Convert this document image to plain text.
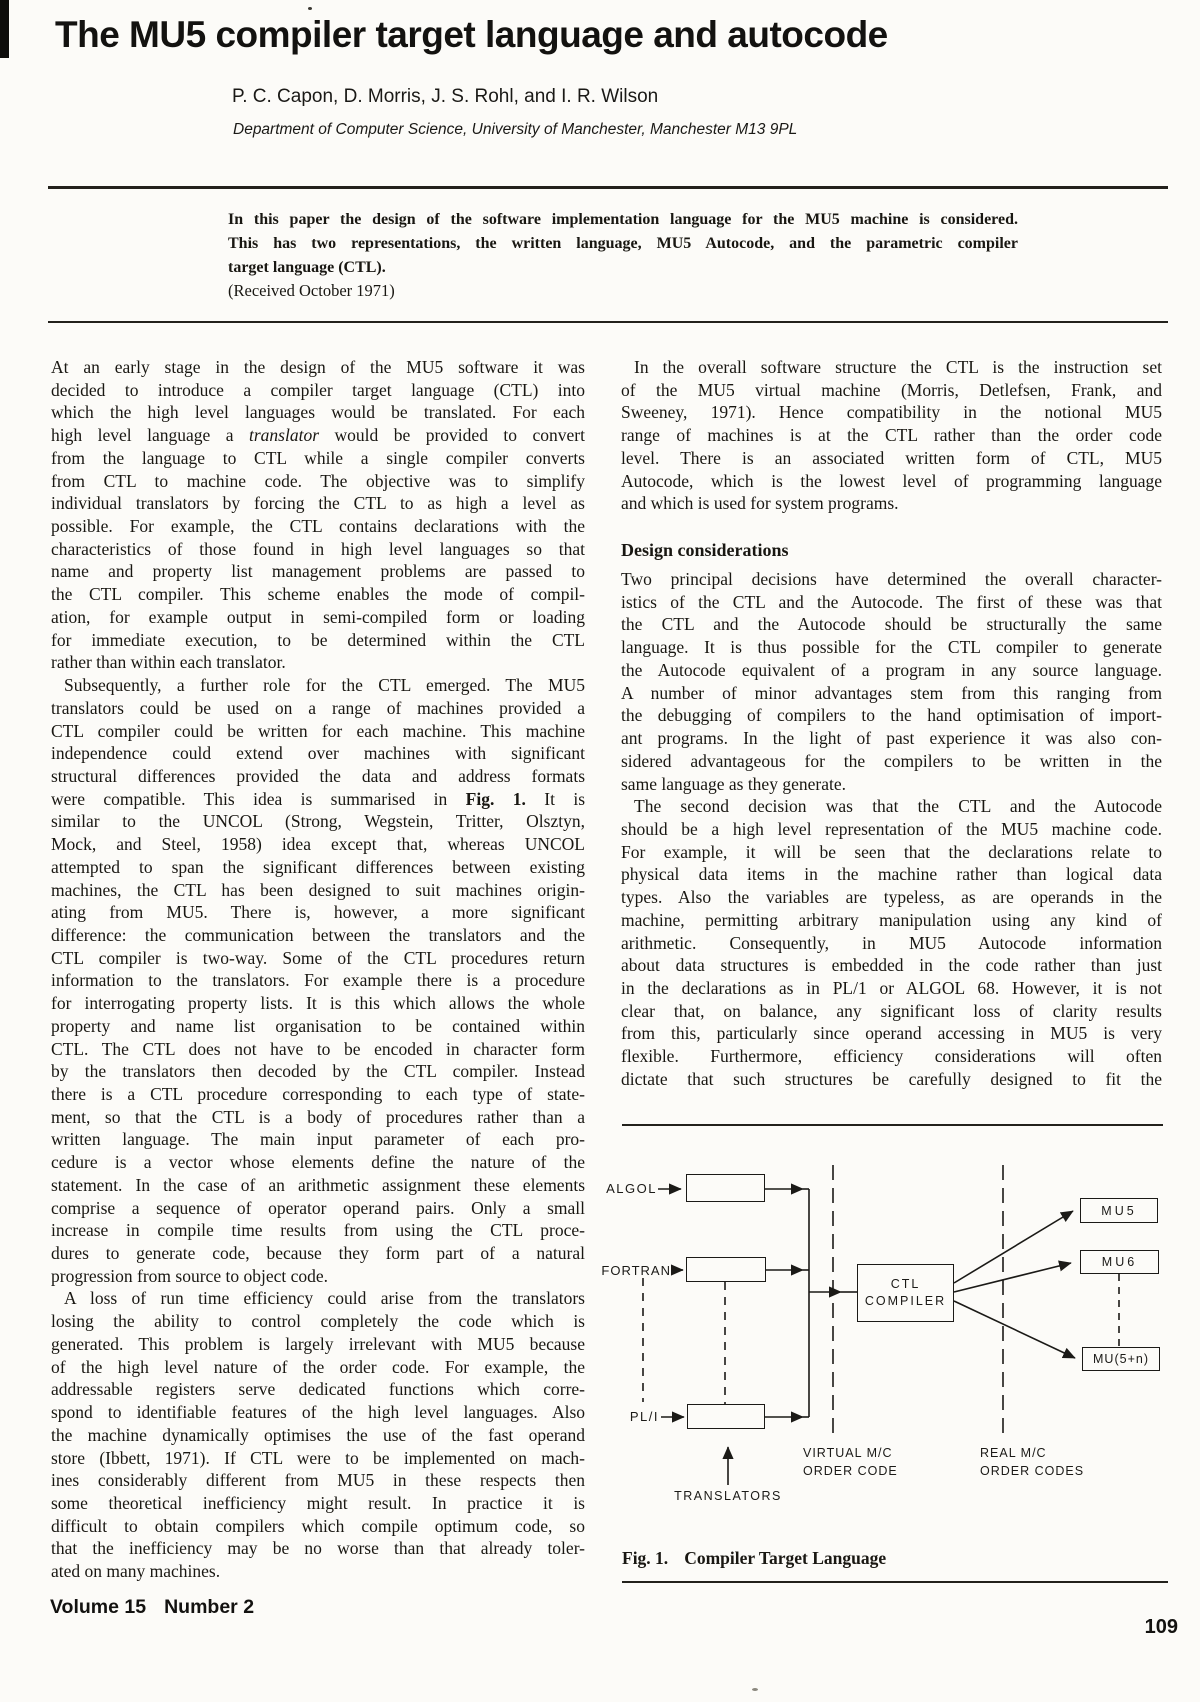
The MU5 compiler target language and autocode
P. C. Capon, D. Morris, J. S. Rohl, and I. R. Wilson
Department of Computer Science, University of Manchester, Manchester M13 9PL
In this paper the design of the software implementation language for the MU5 machine is considered.
This has two representations, the written language, MU5 Autocode, and the parametric compiler
target language (CTL).
(Received October 1971)
At an early stage in the design of the MU5 software it was
decided to introduce a compiler target language (CTL) into
which the high level languages would be translated. For each
high level language a translator would be provided to convert
from the language to CTL while a single compiler converts
from CTL to machine code. The objective was to simplify
individual translators by forcing the CTL to as high a level as
possible. For example, the CTL contains declarations with the
characteristics of those found in high level languages so that
name and property list management problems are passed to
the CTL compiler. This scheme enables the mode of compil-
ation, for example output in semi-compiled form or loading
for immediate execution, to be determined within the CTL
rather than within each translator.
Subsequently, a further role for the CTL emerged. The MU5
translators could be used on a range of machines provided a
CTL compiler could be written for each machine. This machine
independence could extend over machines with significant
structural differences provided the data and address formats
were compatible. This idea is summarised in Fig. 1. It is
similar to the UNCOL (Strong, Wegstein, Tritter, Olsztyn,
Mock, and Steel, 1958) idea except that, whereas UNCOL
attempted to span the significant differences between existing
machines, the CTL has been designed to suit machines origin-
ating from MU5. There is, however, a more significant
difference: the communication between the translators and the
CTL compiler is two-way. Some of the CTL procedures return
information to the translators. For example there is a procedure
for interrogating property lists. It is this which allows the whole
property and name list organisation to be contained within
CTL. The CTL does not have to be encoded in character form
by the translators then decoded by the CTL compiler. Instead
there is a CTL procedure corresponding to each type of state-
ment, so that the CTL is a body of procedures rather than a
written language. The main input parameter of each pro-
cedure is a vector whose elements define the nature of the
statement. In the case of an arithmetic assignment these elements
comprise a sequence of operator operand pairs. Only a small
increase in compile time results from using the CTL proce-
dures to generate code, because they form part of a natural
progression from source to object code.
A loss of run time efficiency could arise from the translators
losing the ability to control completely the code which is
generated. This problem is largely irrelevant with MU5 because
of the high level nature of the order code. For example, the
addressable registers serve dedicated functions which corre-
spond to identifiable features of the high level languages. Also
the machine dynamically optimises the use of the fast operand
store (Ibbett, 1971). If CTL were to be implemented on mach-
ines considerably different from MU5 in these respects then
some theoretical inefficiency might result. In practice it is
difficult to obtain compilers which compile optimum code, so
that the inefficiency may be no worse than that already toler-
ated on many machines.
In the overall software structure the CTL is the instruction set
of the MU5 virtual machine (Morris, Detlefsen, Frank, and
Sweeney, 1971). Hence compatibility in the notional MU5
range of machines is at the CTL rather than the order code
level. There is an associated written form of CTL, MU5
Autocode, which is the lowest level of programming language
and which is used for system programs.
Design considerations
Two principal decisions have determined the overall character-
istics of the CTL and the Autocode. The first of these was that
the CTL and the Autocode should be structurally the same
language. It is thus possible for the CTL compiler to generate
the Autocode equivalent of a program in any source language.
A number of minor advantages stem from this ranging from
the debugging of compilers to the hand optimisation of import-
ant programs. In the light of past experience it was also con-
sidered advantageous for the compilers to be written in the
same language as they generate.
The second decision was that the CTL and the Autocode
should be a high level representation of the MU5 machine code.
For example, it will be seen that the declarations relate to
physical data items in the machine rather than logical data
types. Also the variables are typeless, as are operands in the
machine, permitting arbitrary manipulation using any kind of
arithmetic. Consequently, in MU5 Autocode information
about data structures is embedded in the code rather than just
in the declarations as in PL/1 or ALGOL 68. However, it is not
clear that, on balance, any significant loss of clarity results
from this, particularly since operand accessing in MU5 is very
flexible. Furthermore, efficiency considerations will often
dictate that such structures be carefully designed to fit the
ALGOL
FORTRAN
PL/I
CTL
COMPILER
MU5
MU6
MU(5+n)
VIRTUAL M/C
ORDER CODE
REAL M/C
ORDER CODES
TRANSLATORS
Fig. 1. Compiler Target Language
Volume 15 Number 2
109
